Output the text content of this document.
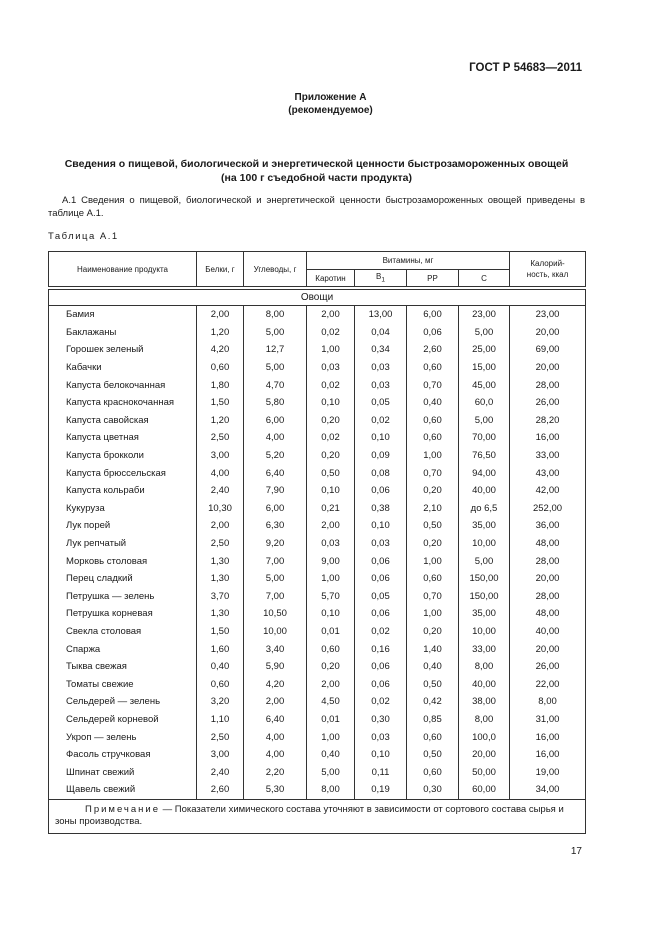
ГОСТ Р 54683—2011
Приложение А
(рекомендуемое)
Сведения о пищевой, биологической и энергетической ценности быстрозамороженных овощей
(на 100 г съедобной части продукта)
А.1 Сведения о пищевой, биологической и энергетической ценности быстрозамороженных овощей приведены в таблице А.1.
Таблица А.1
Наименование продукта	Белки, г	Углеводы, г	Витамины, мг				Калорий-
ность, ккал

			Каротин	$В_1$	РР	С	

Овощи							
Бамия	2,00	8,00	2,00	13,00	6,00	23,00	23,00
Баклажаны	1,20	5,00	0,02	0,04	0,06	5,00	20,00
Горошек зеленый	4,20	12,7	1,00	0,34	2,60	25,00	69,00
Кабачки	0,60	5,00	0,03	0,03	0,60	15,00	20,00
Капуста белокочанная	1,80	4,70	0,02	0,03	0,70	45,00	28,00
Капуста краснокочанная	1,50	5,80	0,10	0,05	0,40	60,0	26,00
Капуста савойская	1,20	6,00	0,20	0,02	0,60	5,00	28,20
Капуста цветная	2,50	4,00	0,02	0,10	0,60	70,00	16,00
Капуста брокколи	3,00	5,20	0,20	0,09	1,00	76,50	33,00
Капуста брюссельская	4,00	6,40	0,50	0,08	0,70	94,00	43,00
Капуста кольраби	2,40	7,90	0,10	0,06	0,20	40,00	42,00
Кукуруза	10,30	6,00	0,21	0,38	2,10	до 6,5	252,00
Лук порей	2,00	6,30	2,00	0,10	0,50	35,00	36,00
Лук репчатый	2,50	9,20	0,03	0,03	0,20	10,00	48,00
Морковь столовая	1,30	7,00	9,00	0,06	1,00	5,00	28,00
Перец сладкий	1,30	5,00	1,00	0,06	0,60	150,00	20,00
Петрушка — зелень	3,70	7,00	5,70	0,05	0,70	150,00	28,00
Петрушка корневая	1,30	10,50	0,10	0,06	1,00	35,00	48,00
Свекла столовая	1,50	10,00	0,01	0,02	0,20	10,00	40,00
Спаржа	1,60	3,40	0,60	0,16	1,40	33,00	20,00
Тыква свежая	0,40	5,90	0,20	0,06	0,40	8,00	26,00
Томаты свежие	0,60	4,20	2,00	0,06	0,50	40,00	22,00
Сельдерей — зелень	3,20	2,00	4,50	0,02	0,42	38,00	8,00
Сельдерей корневой	1,10	6,40	0,01	0,30	0,85	8,00	31,00
Укроп — зелень	2,50	4,00	1,00	0,03	0,60	100,0	16,00
Фасоль стручковая	3,00	4,00	0,40	0,10	0,50	20,00	16,00
Шпинат свежий	2,40	2,20	5,00	0,11	0,60	50,00	19,00
Щавель свежий	2,60	5,30	8,00	0,19	0,30	60,00	34,00
Примечание — Показатели химического состава уточняют в зависимости от сортового состава сырья и зоны производства.							
17
